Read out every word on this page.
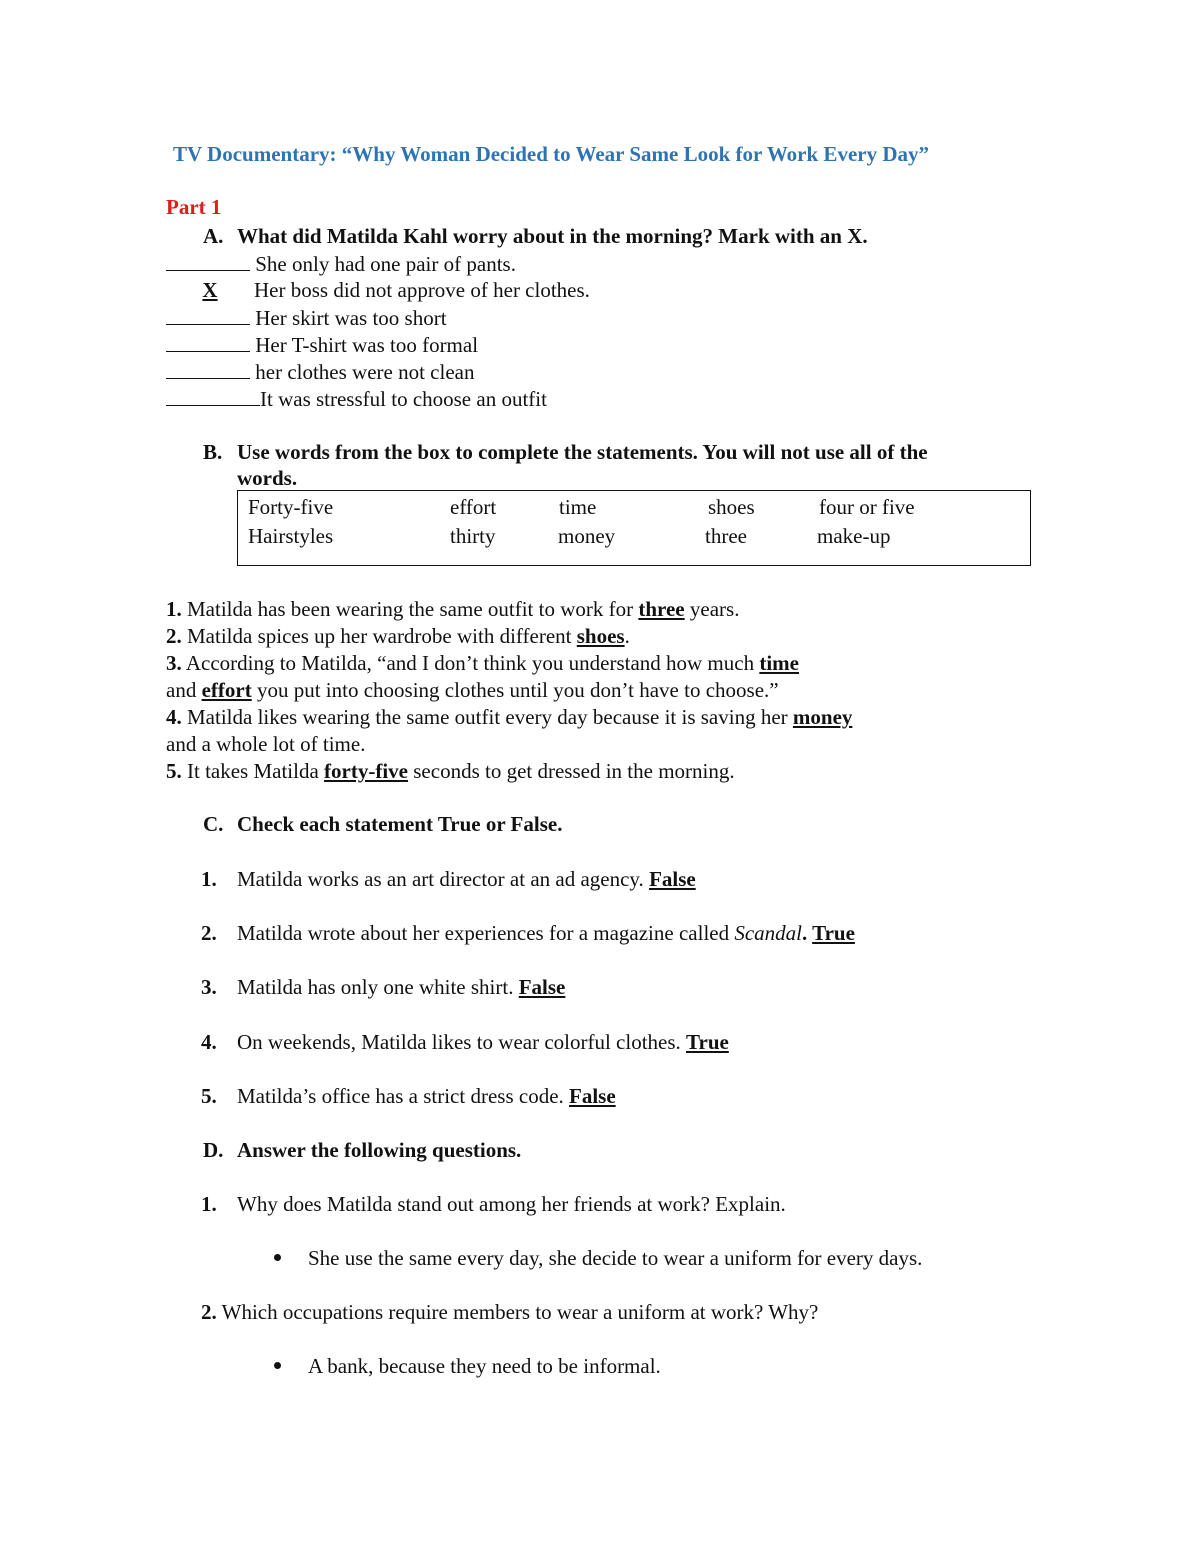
TV Documentary: “Why Woman Decided to Wear Same Look for Work Every Day”
Part 1
A. What did Matilda Kahl worry about in the morning? Mark with an X.
She only had one pair of pants.
X Her boss did not approve of her clothes.
Her skirt was too short
Her T-shirt was too formal
her clothes were not clean
It was stressful to choose an outfit
B. Use words from the box to complete the statements. You will not use all of the
words.
Forty-five	effort	time	shoes	four or five
Hairstyles	thirty	money	three	make-up
1. Matilda has been wearing the same outfit to work for three years.
2. Matilda spices up her wardrobe with different shoes.
3. According to Matilda, “and I don’t think you understand how much time
and effort you put into choosing clothes until you don’t have to choose.”
4. Matilda likes wearing the same outfit every day because it is saving her money
and a whole lot of time.
5. It takes Matilda forty-five seconds to get dressed in the morning.
C. Check each statement True or False.
1. Matilda works as an art director at an ad agency. False
2. Matilda wrote about her experiences for a magazine called Scandal. True
3. Matilda has only one white shirt. False
4. On weekends, Matilda likes to wear colorful clothes. True
5. Matilda’s office has a strict dress code. False
D. Answer the following questions.
1. Why does Matilda stand out among her friends at work? Explain.
She use the same every day, she decide to wear a uniform for every days.
2. Which occupations require members to wear a uniform at work? Why?
A bank, because they need to be informal.
